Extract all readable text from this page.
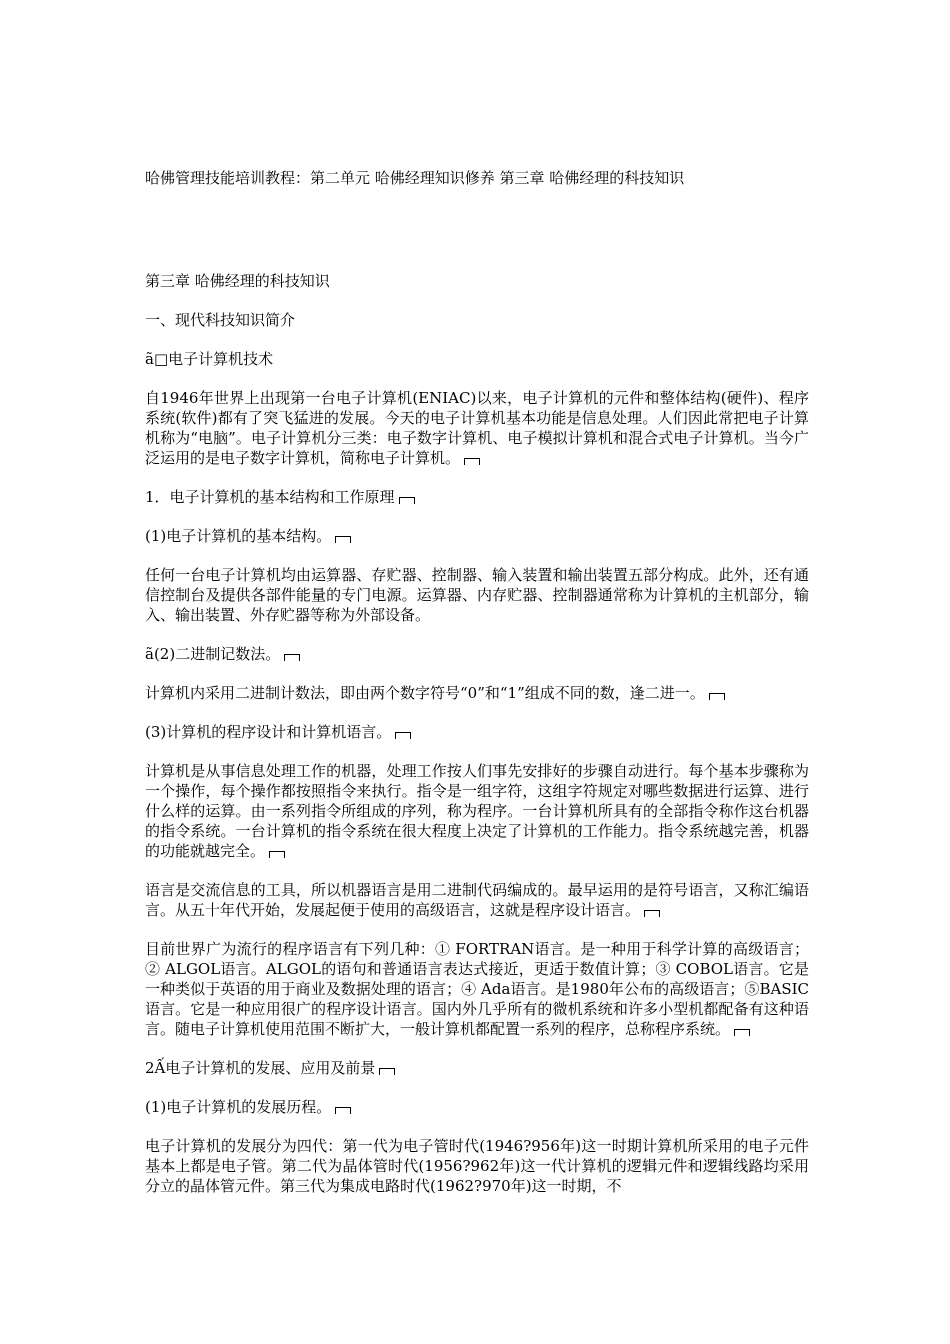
哈佛管理技能培训教程：第二单元 哈佛经理知识修养 第三章 哈佛经理的科技知识
第三章 哈佛经理的科技知识
一、现代科技知识简介
ã□电子计算机技术
自1946年世界上出现第一台电子计算机(ENIAC)以来，电子计算机的元件和整体结构(硬件)、程序系统(软件)都有了突飞猛进的发展。今天的电子计算机基本功能是信息处理。人们因此常把电子计算机称为“电脑”。电子计算机分三类：电子数字计算机、电子模拟计算机和混合式电子计算机。当今广泛运用的是电子数字计算机，简称电子计算机。
1．电子计算机的基本结构和工作原理
(1)电子计算机的基本结构。
任何一台电子计算机均由运算器、存贮器、控制器、输入装置和输出装置五部分构成。此外，还有通信控制台及提供各部件能量的专门电源。运算器、内存贮器、控制器通常称为计算机的主机部分，输入、输出装置、外存贮器等称为外部设备。
ã(2)二进制记数法。
计算机内采用二进制计数法，即由两个数字符号“0”和“1”组成不同的数，逢二进一。
(3)计算机的程序设计和计算机语言。
计算机是从事信息处理工作的机器，处理工作按人们事先安排好的步骤自动进行。每个基本步骤称为一个操作，每个操作都按照指令来执行。指令是一组字符，这组字符规定对哪些数据进行运算、进行什么样的运算。由一系列指令所组成的序列，称为程序。一台计算机所具有的全部指令称作这台机器的指令系统。一台计算机的指令系统在很大程度上决定了计算机的工作能力。指令系统越完善，机器的功能就越完全。
语言是交流信息的工具，所以机器语言是用二进制代码编成的。最早运用的是符号语言，又称汇编语言。从五十年代开始，发展起便于使用的高级语言，这就是程序设计语言。
目前世界广为流行的程序语言有下列几种：① FORTRAN语言。是一种用于科学计算的高级语言；② ALGOL语言。ALGOL的语句和普通语言表达式接近，更适于数值计算；③ COBOL语言。它是一种类似于英语的用于商业及数据处理的语言；④ Ada语言。是1980年公布的高级语言；⑤BASIC语言。它是一种应用很广的程序设计语言。国内外几乎所有的微机系统和许多小型机都配备有这种语言。随电子计算机使用范围不断扩大，一般计算机都配置一系列的程序，总称程序系统。
2Ấ电子计算机的发展、应用及前景
(1)电子计算机的发展历程。
电子计算机的发展分为四代：第一代为电子管时代(1946?956年)这一时期计算机所采用的电子元件基本上都是电子管。第二代为晶体管时代(1956?962年)这一代计算机的逻辑元件和逻辑线路均采用分立的晶体管元件。第三代为集成电路时代(1962?970年)这一时期，不
